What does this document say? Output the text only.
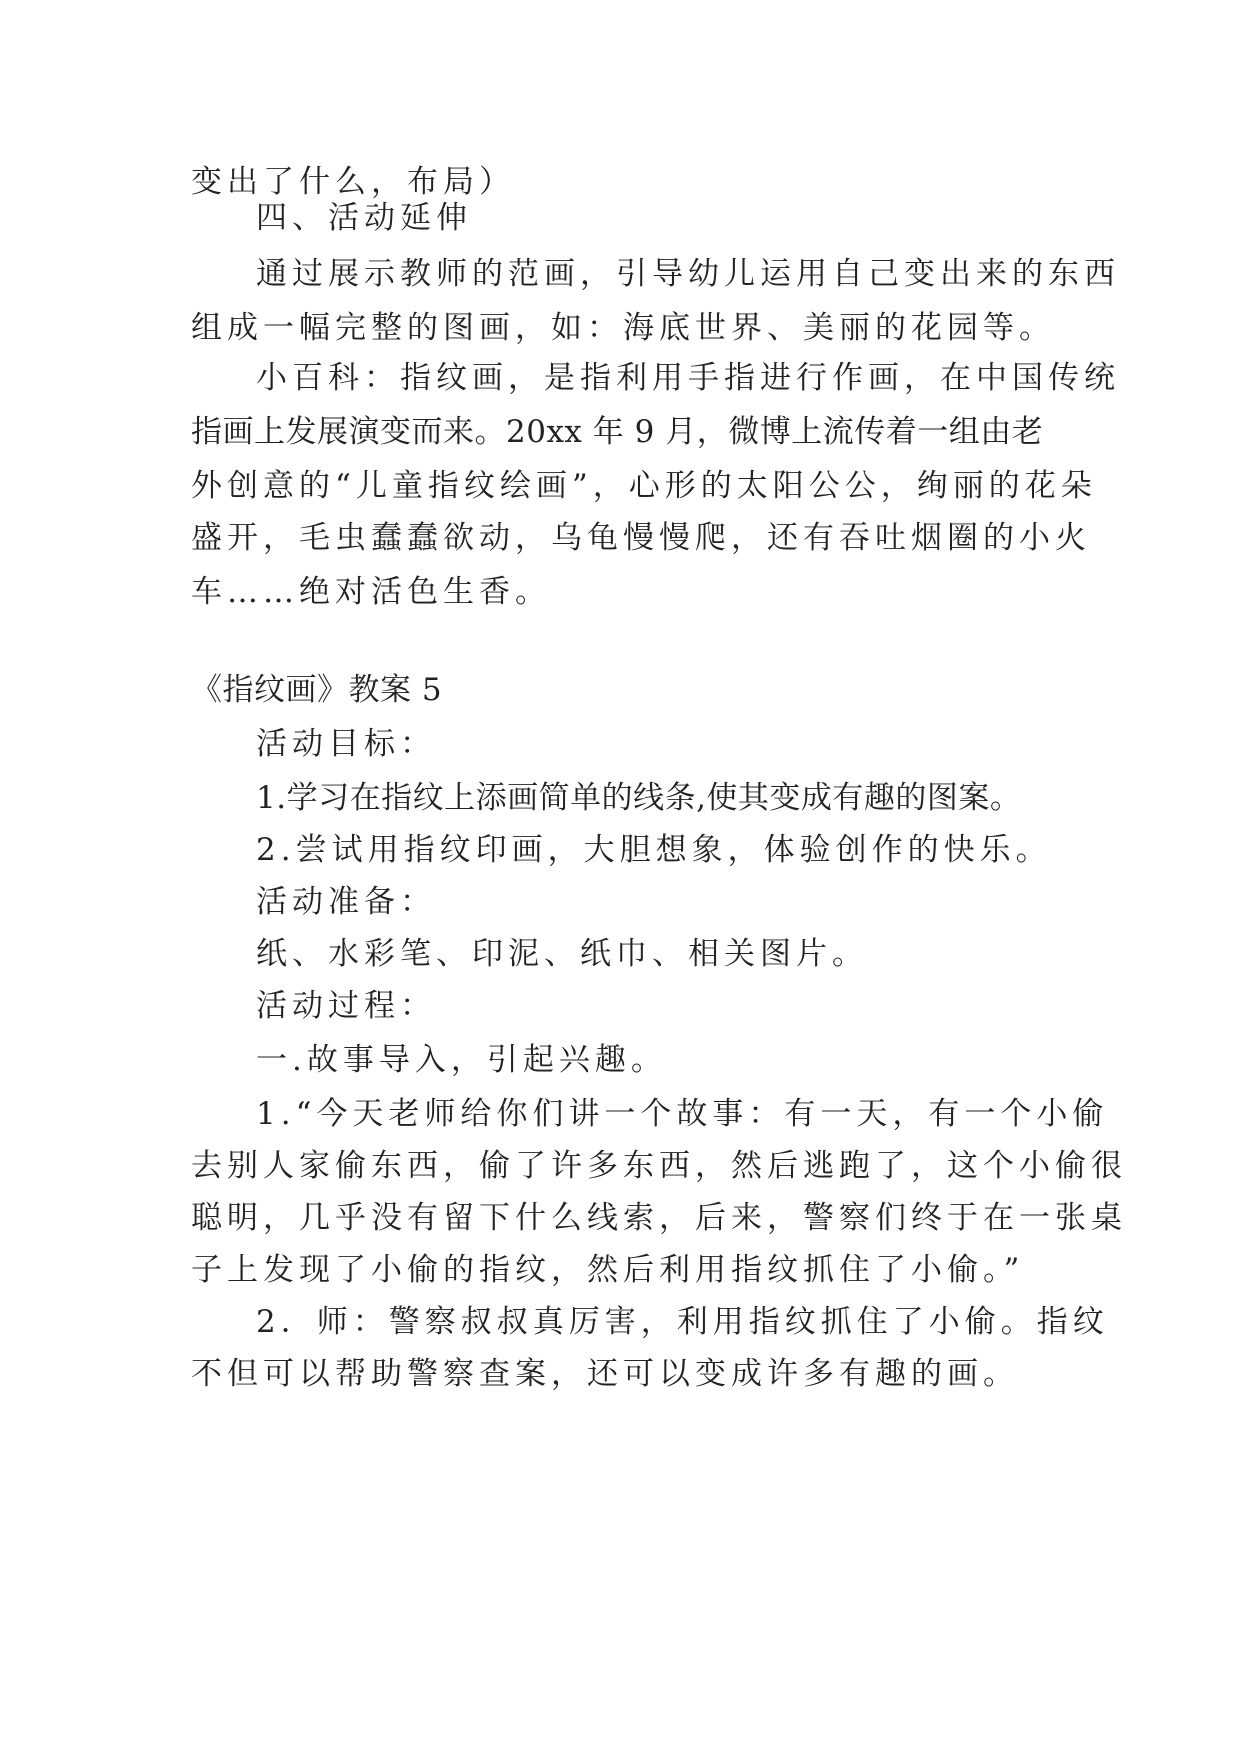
变出了什么，布局）
四、活动延伸
通过展示教师的范画，引导幼儿运用自己变出来的东西
组成一幅完整的图画，如：海底世界、美丽的花园等。
小百科：指纹画，是指利用手指进行作画，在中国传统
指画上发展演变而来。20xx 年 9 月，微博上流传着一组由老
外创意的“儿童指纹绘画”，心形的太阳公公，绚丽的花朵
盛开，毛虫蠢蠢欲动，乌龟慢慢爬，还有吞吐烟圈的小火
车……绝对活色生香。
《指纹画》教案 5
活动目标：
1.学习在指纹上添画简单的线条,使其变成有趣的图案。
2.尝试用指纹印画，大胆想象，体验创作的快乐。
活动准备：
纸、水彩笔、印泥、纸巾、相关图片。
活动过程：
一.故事导入，引起兴趣。
1.“今天老师给你们讲一个故事：有一天，有一个小偷
去别人家偷东西，偷了许多东西，然后逃跑了，这个小偷很
聪明，几乎没有留下什么线索，后来，警察们终于在一张桌
子上发现了小偷的指纹，然后利用指纹抓住了小偷。”
2．师：警察叔叔真厉害，利用指纹抓住了小偷。指纹
不但可以帮助警察查案，还可以变成许多有趣的画。
